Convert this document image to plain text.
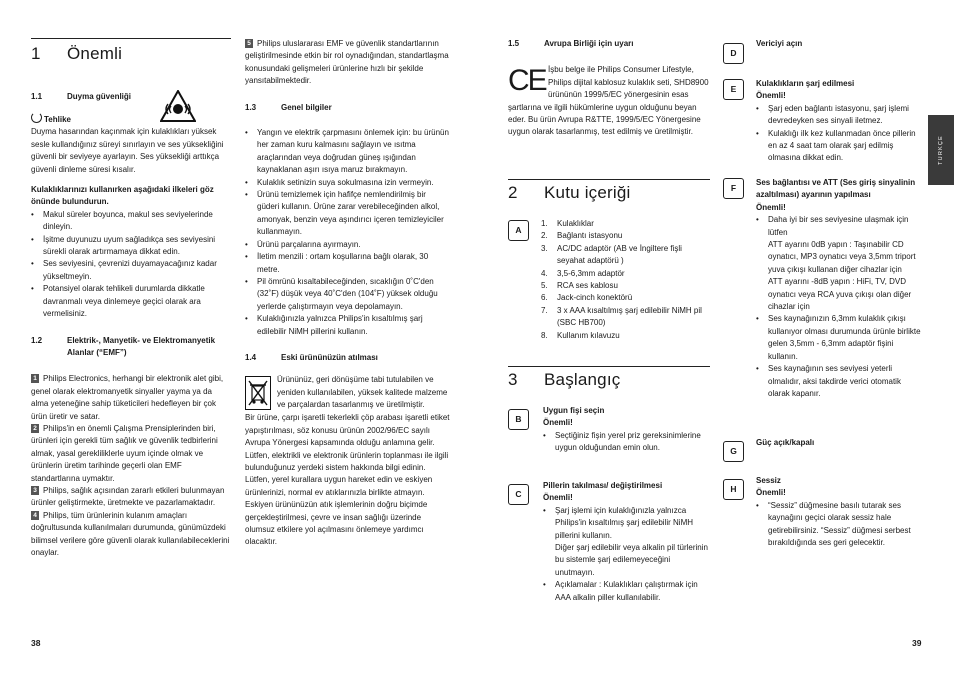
1 Önemli
1.1	Duyma güvenliği
Tehlike

Duyma hasarından kaçınmak için kulaklıkları yüksek sesle kullandığınız süreyi sınırlayın ve ses yüksekliğini güvenli bir seviyeye ayarlayın. Ses yüksekliği arttıkça güvenli dinleme süresi kısalır.

Kulaklıklarınızı kullanırken aşağıdaki ilkeleri göz önünde bulundurun.

• Makul süreler boyunca, makul ses seviyelerinde dinleyin.
• İşitme duyunuzu uyum sağladıkça ses seviyesini sürekli olarak artırmamaya dikkat edin.
• Ses seviyesini, çevrenizi duyamayacağınız kadar yükseltmeyin.
• Potansiyel olarak tehlikeli durumlarda dikkatle davranmalı veya dinlemeye geçici olarak ara vermelisiniz.
1.2	Elektrik-, Manyetik- ve Elektromanyetik Alanlar (“EMF”)

1 Philips Electronics, herhangi bir elektronik alet gibi, genel olarak elektromanyetik sinyaller yayma ya da alma yeteneğine sahip tüketicileri hedefleyen bir çok ürün üretir ve satar.

2 Philips'in en önemli Çalışma Prensiplerinden biri, ürünleri için gerekli tüm sağlık ve güvenlik tedbirlerini almak, yasal gerekliliklerle uyum içinde olmak ve ürünlerin üretim tarihinde geçerli olan EMF standartlarına uymaktır.

3 Philips, sağlık açısından zararlı etkileri bulunmayan ürünler geliştirmekte, üretmekte ve pazarlamaktadır.

4 Philips, tüm ürünlerinin kulanım amaçları doğrultusunda kullanılmaları durumunda, günümüzdeki bilimsel verilere göre güvenli olarak kullanılabileceklerini onaylar.

5 Philips uluslararası EMF ve güvenlik standartlarının geliştirilmesinde etkin bir rol oynadığından, standartlaşma konusundaki gelişmeleri ürünlerine hızlı bir şekilde yansıtabilmektedir.

1.3	Genel bilgiler
• Yangın ve elektrik çarpmasını önlemek için: bu ürünün her zaman kuru kalmasını sağlayın ve ısıtma araçlarından veya doğrudan güneş ışığından kaynaklanan aşırı ısıya maruz bırakmayın.
• Kulaklık setinizin suya sokulmasına izin vermeyin.
• Ürünü temizlemek için hafifçe nemlendirilmiş bir güderi kullanın. Ürüne zarar verebileceğinden alkol, amonyak, benzin veya aşındırıcı içeren temizleyiciler kullanmayın.
• Ürünü parçalarına ayırmayın.
• İletim menzili : ortam koşullarına bağlı olarak, 30 metre.
• Pil ömrünü kısaltabileceğinden, sıcaklığın 0˚C'den (32˚F) düşük veya 40˚C'den (104˚F) yüksek olduğu yerlerde çalıştırmayın veya depolamayın.
• Kulaklığınızla yalnızca Philips'in kısaltılmış şarj edilebilir NiMH pillerini kullanın.
1.4	Eski ürününüzün atılması

Ürününüz, geri dönüşüme tabi tutulabilen ve yeniden kullanılabilen, yüksek kalitede malzeme ve parçalardan tasarlanmış ve üretilmiştir.

Bir ürüne, çarpı işaretli tekerlekli çöp arabası işaretli etiket yapıştırılması, söz konusu ürünün 2002/96/EC sayılı Avrupa Yönergesi kapsamında olduğu anlamına gelir. Lütfen, elektrikli ve elektronik ürünlerin toplanması ile ilgili bulunduğunuz yerdeki sistem hakkında bilgi edinin.

Lütfen, yerel kurallara uygun hareket edin ve eskiyen ürünlerinizi, normal ev atıklarınızla birlikte atmayın. Eskiyen ürününüzün atık işlemlerinin doğru biçimde gerçekleştirilmesi, çevre ve insan sağlığı üzerinde olumsuz etkilere yol açılmasını önlemeye yardımcı olacaktır.

38
1.5	Avrupa Birliği için uyarı
CE İşbu belge ile Philips Consumer Lifestyle, Philips dijital kablosuz kulaklık seti, SHD8900 ürününün 1999/5/EC yönergesinin esas şartlarına ve ilgili hükümlerine uygun olduğunu beyan eder. Bu ürün Avrupa R&TTE, 1999/5/EC Yönergesine uygun olarak tasarlanmış, test edilmiş ve üretilmiştir.

2 Kutu içeriği
A
1. Kulaklıklar
2. Bağlantı istasyonu
3. AC/DC adaptör (AB ve İngiltere fişli seyahat adaptörü )
4. 3,5-6,3mm adaptör
5. RCA ses kablosu
6. Jack-cinch konektörü
7. 3 x AAA kısaltılmış şarj edilebilir NiMH pil (SBC HB700)
8. Kullanım kılavuzu
3 Başlangıç
B
Uygun fişi seçin
Önemli!
• Seçtiğiniz fişin yerel priz gereksinimlerine uygun olduğundan emin olun.
C
Pillerin takılması/ değiştirilmesi
Önemli!
• Şarj işlemi için kulaklığınızla yalnızca Philips'in kısaltılmış şarj edilebilir NiMH pillerini kullanın.
Diğer şarj edilebilir veya alkalin pil türlerinin bu sistemle şarj edilemeyeceğini unutmayın.
• Açıklamalar : Kulaklıkları çalıştırmak için AAA alkalin piller kullanılabilir.
39
D
Vericiyi açın
E
Kulaklıkların şarj edilmesi
Önemli!
• Şarj eden bağlantı istasyonu, şarj işlemi devredeyken ses sinyali iletmez.
• Kulaklığı ilk kez kullanmadan önce pillerin en az 4 saat tam olarak şarj edilmiş olmasına dikkat edin.
F
Ses bağlantısı ve ATT (Ses giriş sinyalinin azaltılması) ayarının yapılması
Önemli!
• Daha iyi bir ses seviyesine ulaşmak için lütfen
ATT ayarını 0dB yapın : Taşınabilir CD oynatıcı, MP3 oynatıcı veya 3,5mm triport yuva çıkışı kullanan diğer cihazlar için
ATT ayarını -8dB yapın : HiFi, TV, DVD oynatıcı veya RCA yuva çıkışı olan diğer cihazlar için
• Ses kaynağınızın 6,3mm kulaklık çıkışı kullanıyor olması durumunda ürünle birlikte gelen 3,5mm - 6,3mm adaptör fişini kullanın.
• Ses kaynağının ses seviyesi yeterli olmalıdır, aksi takdirde verici otomatik olarak kapanır.
G
Güç açık/kapalı
H
Sessiz
Önemli!
• “Sessiz” düğmesine basılı tutarak ses kaynağını geçici olarak sessiz hale getirebilirsiniz. “Sessiz” düğmesi serbest bırakıldığında ses geri gelecektir.
TURKÇE
